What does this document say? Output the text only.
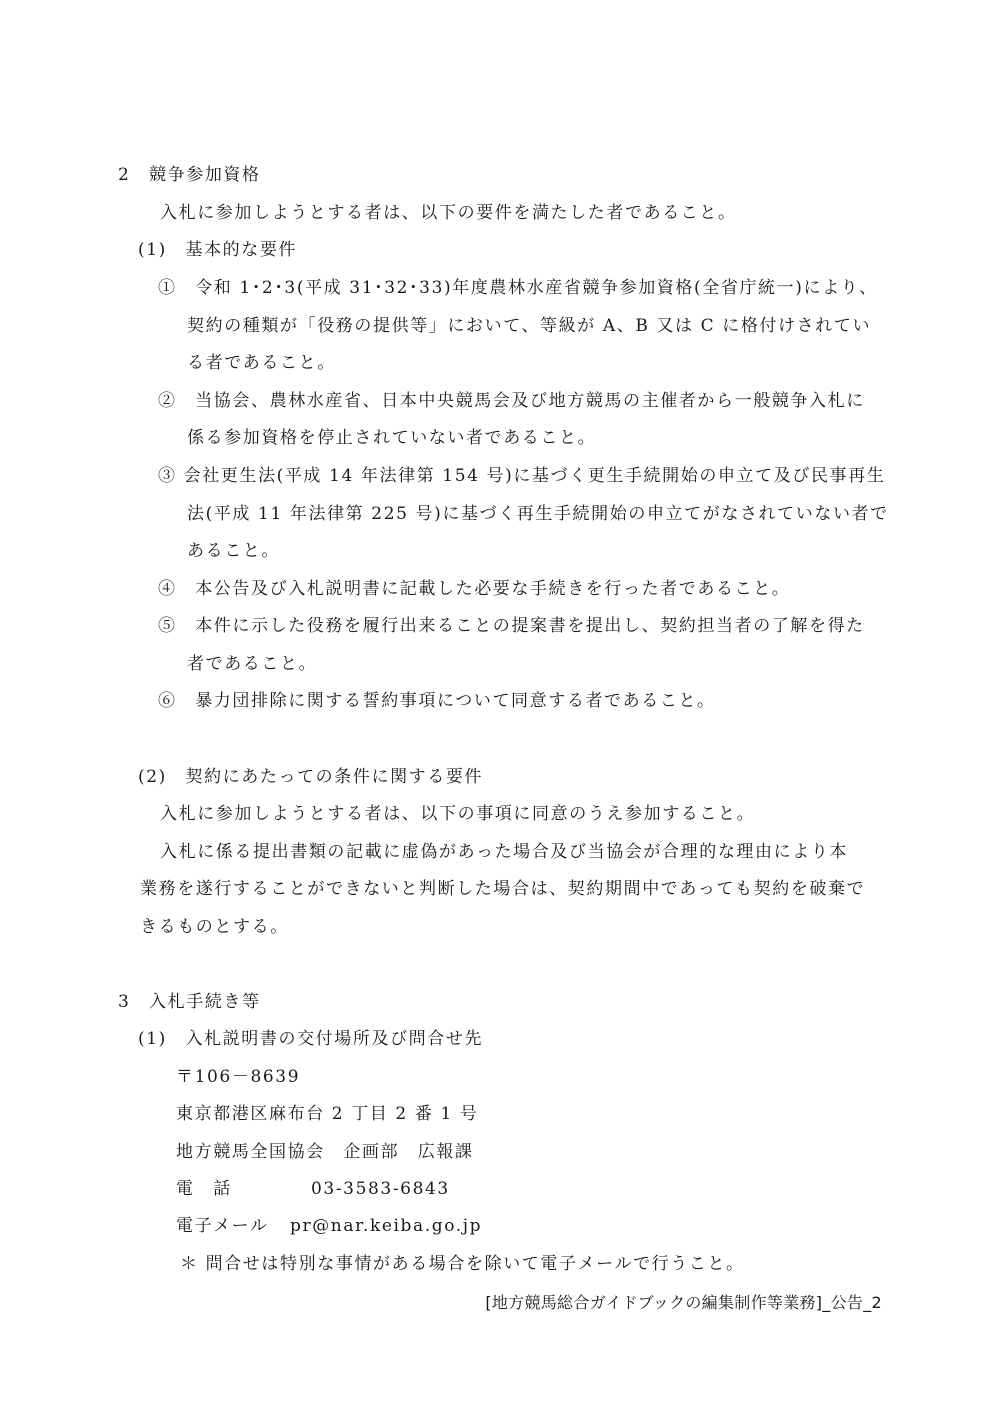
2　競争参加資格
入札に参加しようとする者は、以下の要件を満たした者であること。
(1)　基本的な要件
①　令和 1･2･3(平成 31･32･33)年度農林水産省競争参加資格(全省庁統一)により、
契約の種類が「役務の提供等」において、等級が A、B 又は C に格付けされてい
る者であること。
②　当協会、農林水産省、日本中央競馬会及び地方競馬の主催者から一般競争入札に
係る参加資格を停止されていない者であること。
③ 会社更生法(平成 14 年法律第 154 号)に基づく更生手続開始の申立て及び民事再生
法(平成 11 年法律第 225 号)に基づく再生手続開始の申立てがなされていない者で
あること。
④　本公告及び入札説明書に記載した必要な手続きを行った者であること。
⑤　本件に示した役務を履行出来ることの提案書を提出し、契約担当者の了解を得た
者であること。
⑥　暴力団排除に関する誓約事項について同意する者であること。
(2)　契約にあたっての条件に関する要件
入札に参加しようとする者は、以下の事項に同意のうえ参加すること。
入札に係る提出書類の記載に虚偽があった場合及び当協会が合理的な理由により本
業務を遂行することができないと判断した場合は、契約期間中であっても契約を破棄で
きるものとする。
3　入札手続き等
(1)　入札説明書の交付場所及び問合せ先
〒106－8639
東京都港区麻布台 2 丁目 2 番 1 号
地方競馬全国協会　企画部　広報課
電　話	03-3583-6843
電子メール pr@nar.keiba.go.jp
＊ 問合せは特別な事情がある場合を除いて電子メールで行うこと。
[地方競馬総合ガイドブックの編集制作等業務]_公告_2
